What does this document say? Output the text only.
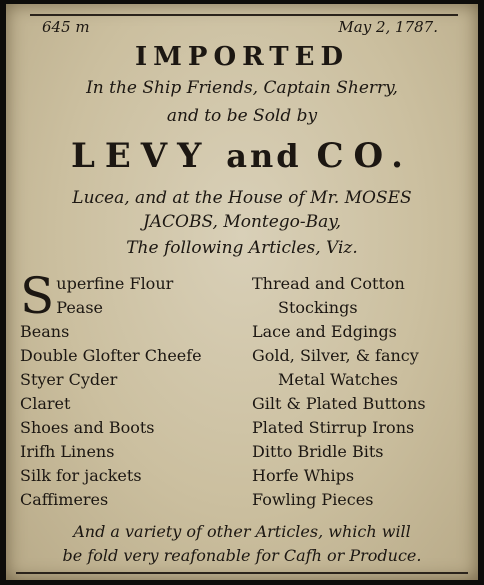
645 m	May 2, 1787.
IMPORTED
In the Ship Friends, Captain Sherry,
and to be Sold by
LEVY and CO.
Lucea, and at the House of Mr. MOSES
JACOBS, Montego-Bay,
The following Articles, Viz.
Superfine Flour
Pease
Beans
Double Glofter Cheefe
Styer Cyder
Claret
Shoes and Boots
Irifh Linens
Silk for jackets
Caffimeres
Thread and Cotton
Stockings
Lace and Edgings
Gold, Silver, & fancy
Metal Watches
Gilt & Plated Buttons
Plated Stirrup Irons
Ditto Bridle Bits
Horfe Whips
Fowling Pieces
And a variety of other Articles, which will
be fold very reafonable for Cafh or Produce.
